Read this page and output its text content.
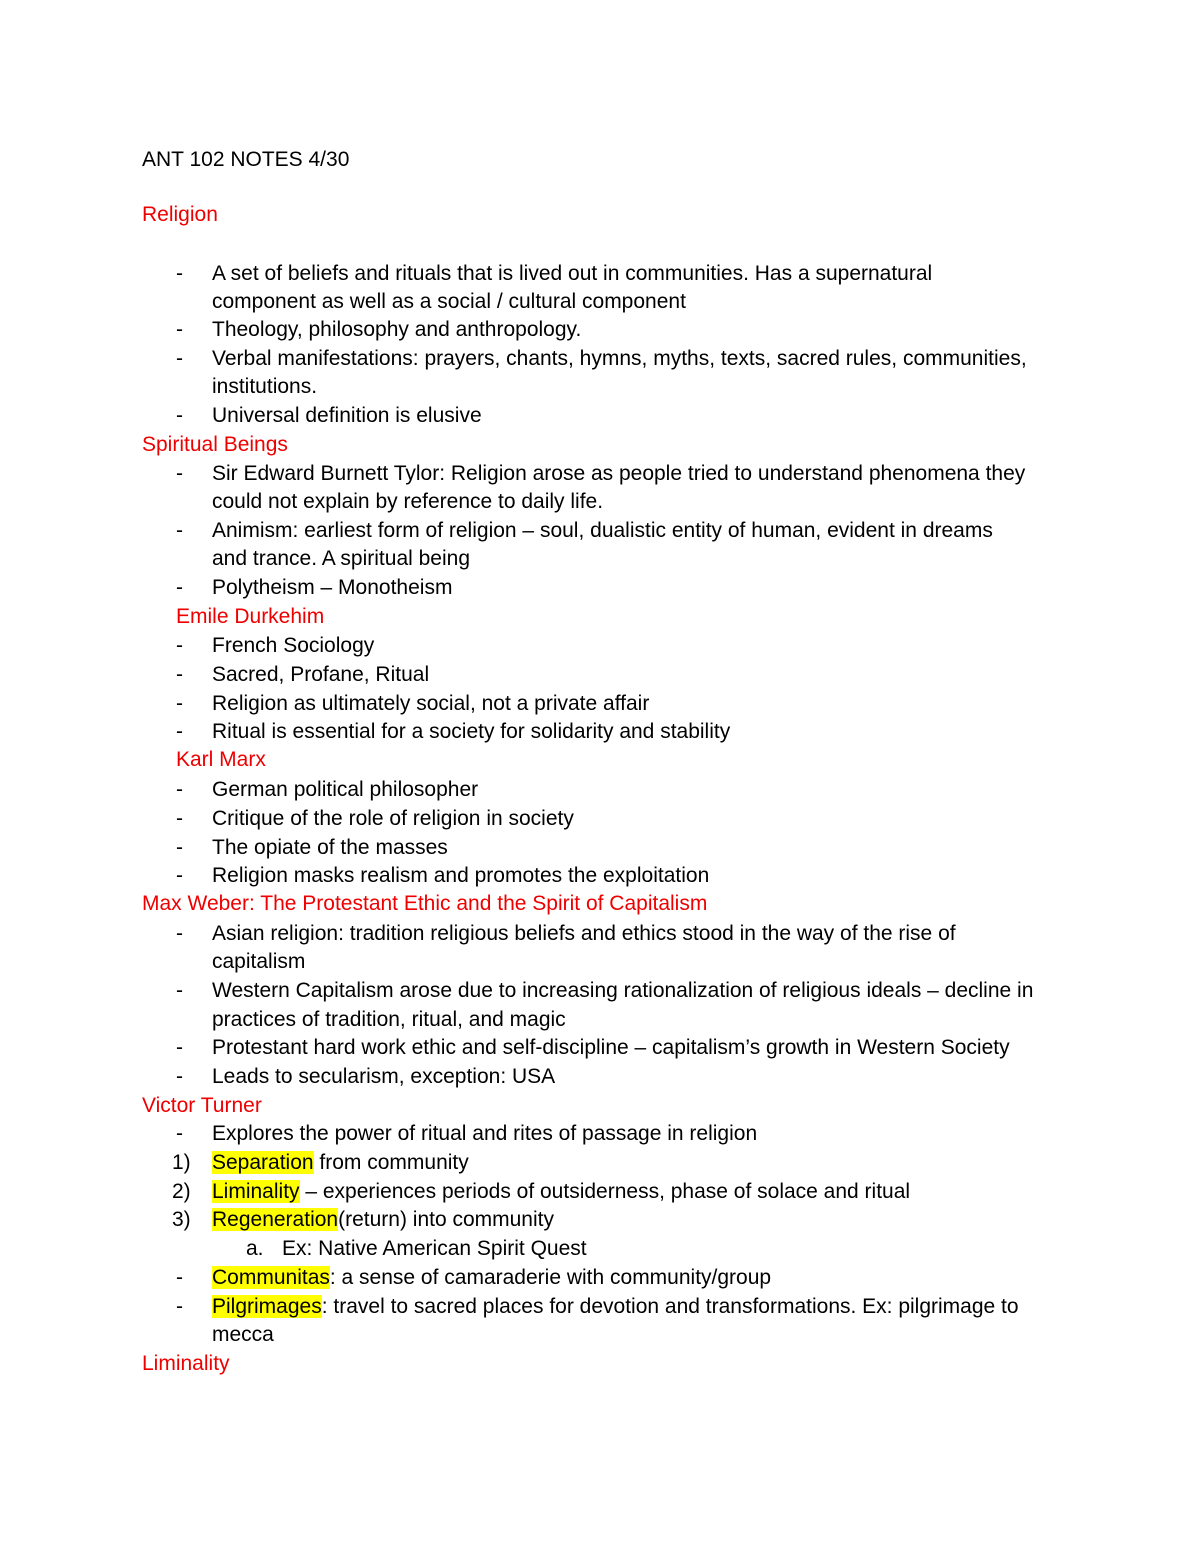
ANT 102 NOTES 4/30
Religion
- A set of beliefs and rituals that is lived out in communities. Has a supernatural
component as well as a social / cultural component
- Theology, philosophy and anthropology.
- Verbal manifestations: prayers, chants, hymns, myths, texts, sacred rules, communities,
institutions.
- Universal definition is elusive
Spiritual Beings
- Sir Edward Burnett Tylor: Religion arose as people tried to understand phenomena they
could not explain by reference to daily life.
- Animism: earliest form of religion – soul, dualistic entity of human, evident in dreams
and trance. A spiritual being
- Polytheism – Monotheism
Emile Durkehim
- French Sociology
- Sacred, Profane, Ritual
- Religion as ultimately social, not a private affair
- Ritual is essential for a society for solidarity and stability
Karl Marx
- German political philosopher
- Critique of the role of religion in society
- The opiate of the masses
- Religion masks realism and promotes the exploitation
Max Weber: The Protestant Ethic and the Spirit of Capitalism
- Asian religion: tradition religious beliefs and ethics stood in the way of the rise of
capitalism
- Western Capitalism arose due to increasing rationalization of religious ideals – decline in
practices of tradition, ritual, and magic
- Protestant hard work ethic and self-discipline – capitalism’s growth in Western Society
- Leads to secularism, exception: USA
Victor Turner
- Explores the power of ritual and rites of passage in religion
1) Separation from community
2) Liminality – experiences periods of outsiderness, phase of solace and ritual
3) Regeneration(return) into community
a. Ex: Native American Spirit Quest
- Communitas: a sense of camaraderie with community/group
- Pilgrimages: travel to sacred places for devotion and transformations. Ex: pilgrimage to
mecca
Liminality
